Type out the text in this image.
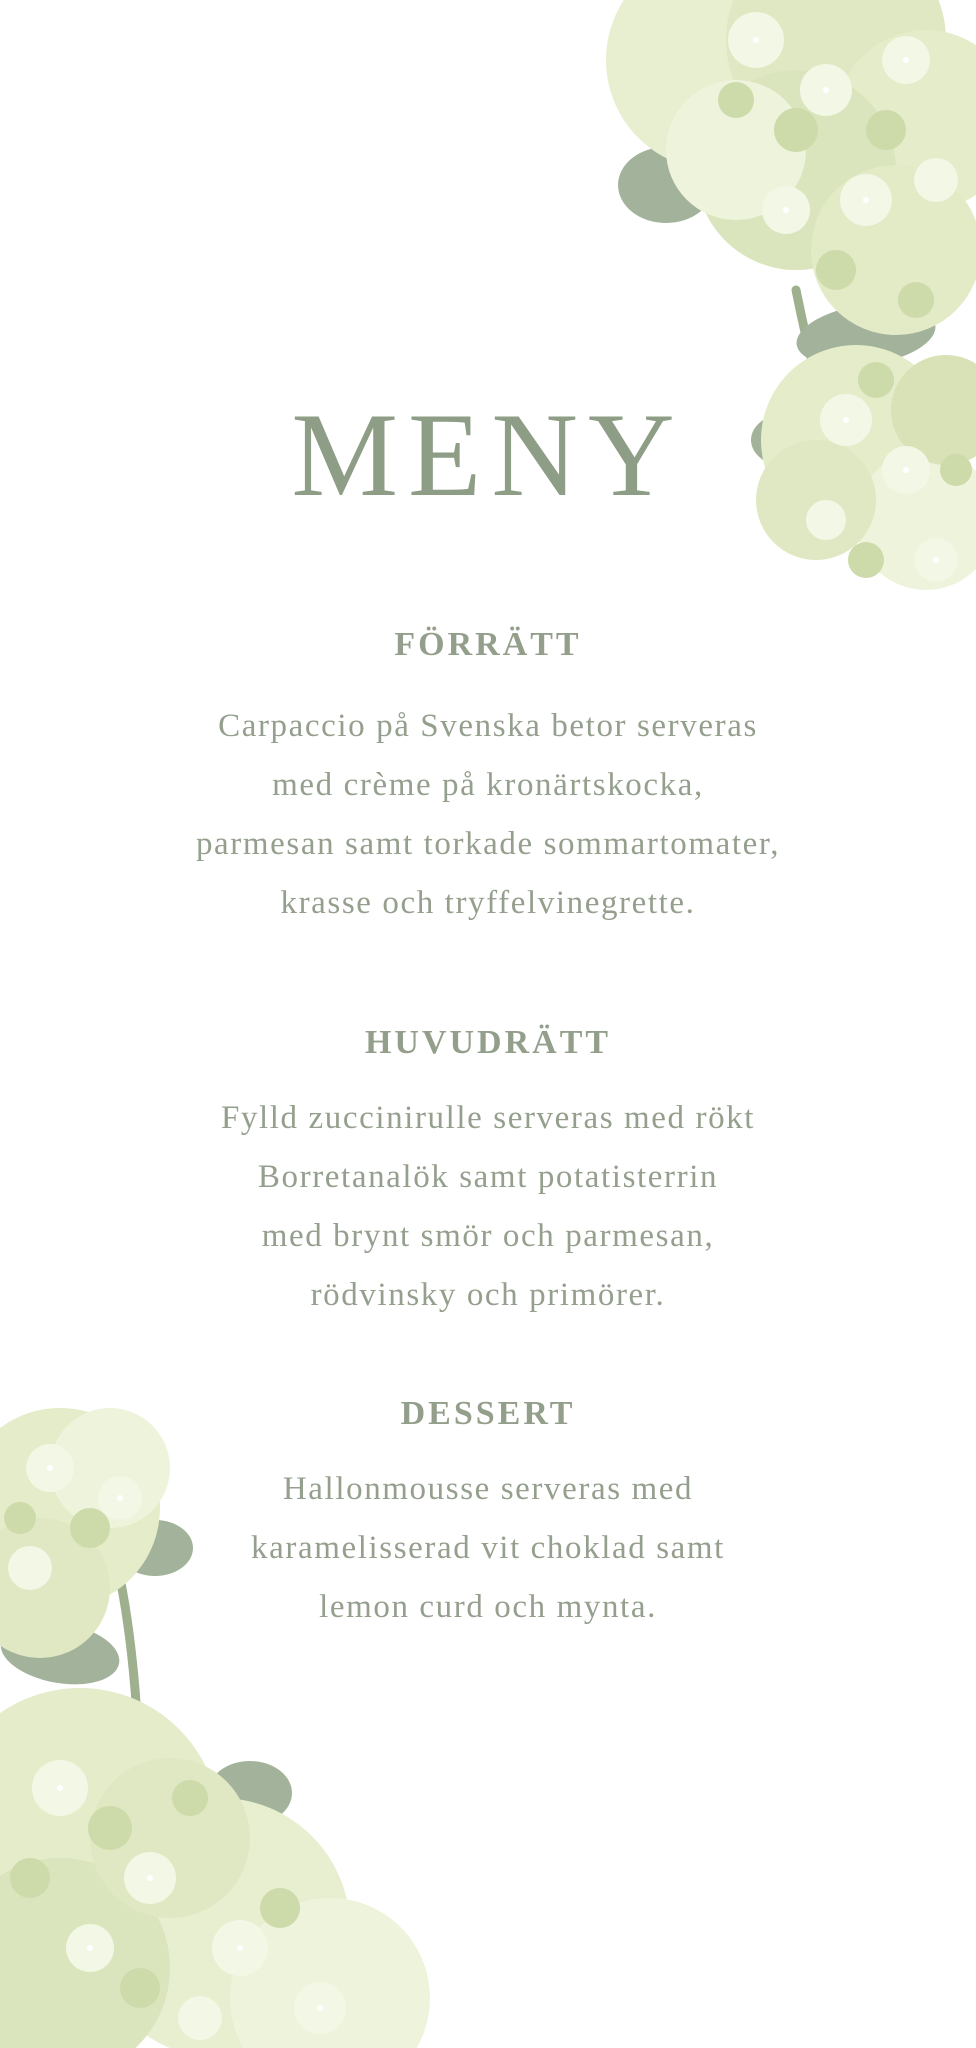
MENY
FÖRRÄTT
Carpaccio på Svenska betor serveras
med crème på kronärtskocka,
parmesan samt torkade sommartomater,
krasse och tryffelvinegrette.
HUVUDRÄTT
Fylld zuccinirulle serveras med rökt
Borretanalök samt potatisterrin
med brynt smör och parmesan,
rödvinsky och primörer.
DESSERT
Hallonmousse serveras med
karamelisserad vit choklad samt
lemon curd och mynta.
